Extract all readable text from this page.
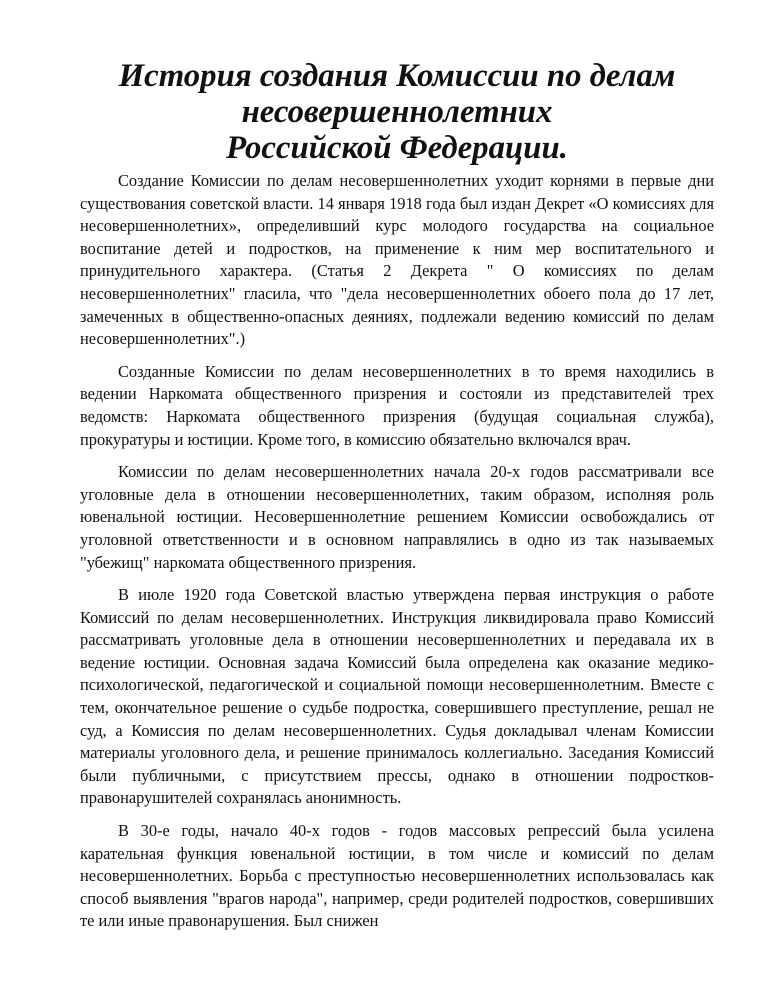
История создания Комиссии по делам несовершеннолетних
Российской Федерации.

Создание Комиссии по делам несовершеннолетних уходит корнями в первые дни существования советской власти. 14 января 1918 года был издан Декрет «О комиссиях для несовершеннолетних», определивший курс молодого государства на социальное воспитание детей и подростков, на применение к ним мер воспитательного и принудительного характера. (Статья 2 Декрета " О комиссиях по делам несовершеннолетних" гласила, что "дела несовершеннолетних обоего пола до 17 лет, замеченных в общественно-опасных деяниях, подлежали ведению комиссий по делам несовершеннолетних".)

Созданные Комиссии по делам несовершеннолетних в то время находились в ведении Наркомата общественного призрения и состояли из представителей трех ведомств: Наркомата общественного призрения (будущая социальная служба), прокуратуры и юстиции. Кроме того, в комиссию обязательно включался врач.

Комиссии по делам несовершеннолетних начала 20-х годов рассматривали все уголовные дела в отношении несовершеннолетних, таким образом, исполняя роль ювенальной юстиции. Несовершеннолетние решением Комиссии освобождались от уголовной ответственности и в основном направлялись в одно из так называемых "убежищ" наркомата общественного призрения.

В июле 1920 года Советской властью утверждена первая инструкция о работе Комиссий по делам несовершеннолетних. Инструкция ликвидировала право Комиссий рассматривать уголовные дела в отношении несовершеннолетних и передавала их в ведение юстиции. Основная задача Комиссий была определена как оказание медико-психологической, педагогической и социальной помощи несовершеннолетним. Вместе с тем, окончательное решение о судьбе подростка, совершившего преступление, решал не суд, а Комиссия по делам несовершеннолетних. Судья докладывал членам Комиссии материалы уголовного дела, и решение принималось коллегиально. Заседания Комиссий были публичными, с присутствием прессы, однако в отношении подростков-правонарушителей сохранялась анонимность.

В 30-е годы, начало 40-х годов - годов массовых репрессий была усилена карательная функция ювенальной юстиции, в том числе и комиссий по делам несовершеннолетних. Борьба с преступностью несовершеннолетних использовалась как способ выявления "врагов народа", например, среди родителей подростков, совершивших те или иные правонарушения. Был снижен
